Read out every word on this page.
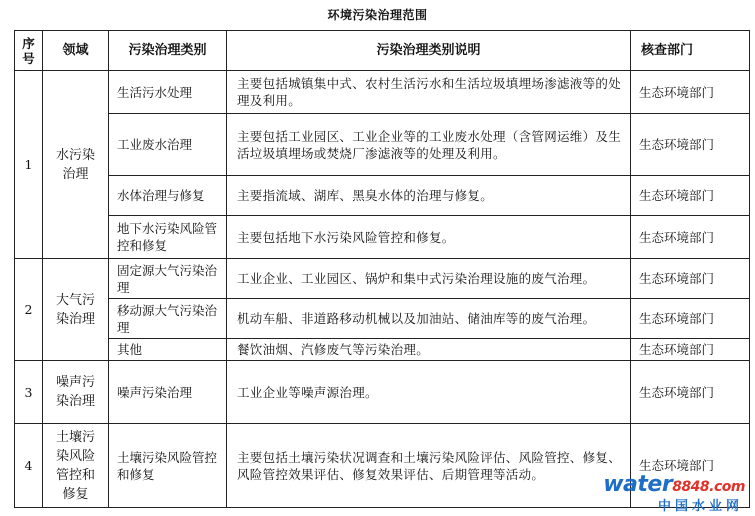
环境污染治理范围
序号	领域	污染治理类别	污染治理类别说明	核查部门
1	水污染治理	生活污水处理	主要包括城镇集中式、农村生活污水和生活垃圾填埋场渗滤液等的处理及利用。	生态环境部门
		工业废水治理	主要包括工业园区、工业企业等的工业废水处理（含管网运维）及生活垃圾填埋场或焚烧厂渗滤液等的处理及利用。	生态环境部门
		水体治理与修复	主要指流域、湖库、黑臭水体的治理与修复。	生态环境部门
		地下水污染风险管控和修复	主要包括地下水污染风险管控和修复。	生态环境部门
2	大气污染治理	固定源大气污染治理	工业企业、工业园区、锅炉和集中式污染治理设施的废气治理。	生态环境部门
		移动源大气污染治理	机动车船、非道路移动机械以及加油站、储油库等的废气治理。	生态环境部门
		其他	餐饮油烟、汽修废气等污染治理。	生态环境部门
3	噪声污染治理	噪声污染治理	工业企业等噪声源治理。	生态环境部门
4	土壤污染风险管控和修复	土壤污染风险管控和修复	主要包括土壤污染状况调查和土壤污染风险评估、风险管控、修复、风险管控效果评估、修复效果评估、后期管理等活动。	生态环境部门
water8848.com
中国水业网
